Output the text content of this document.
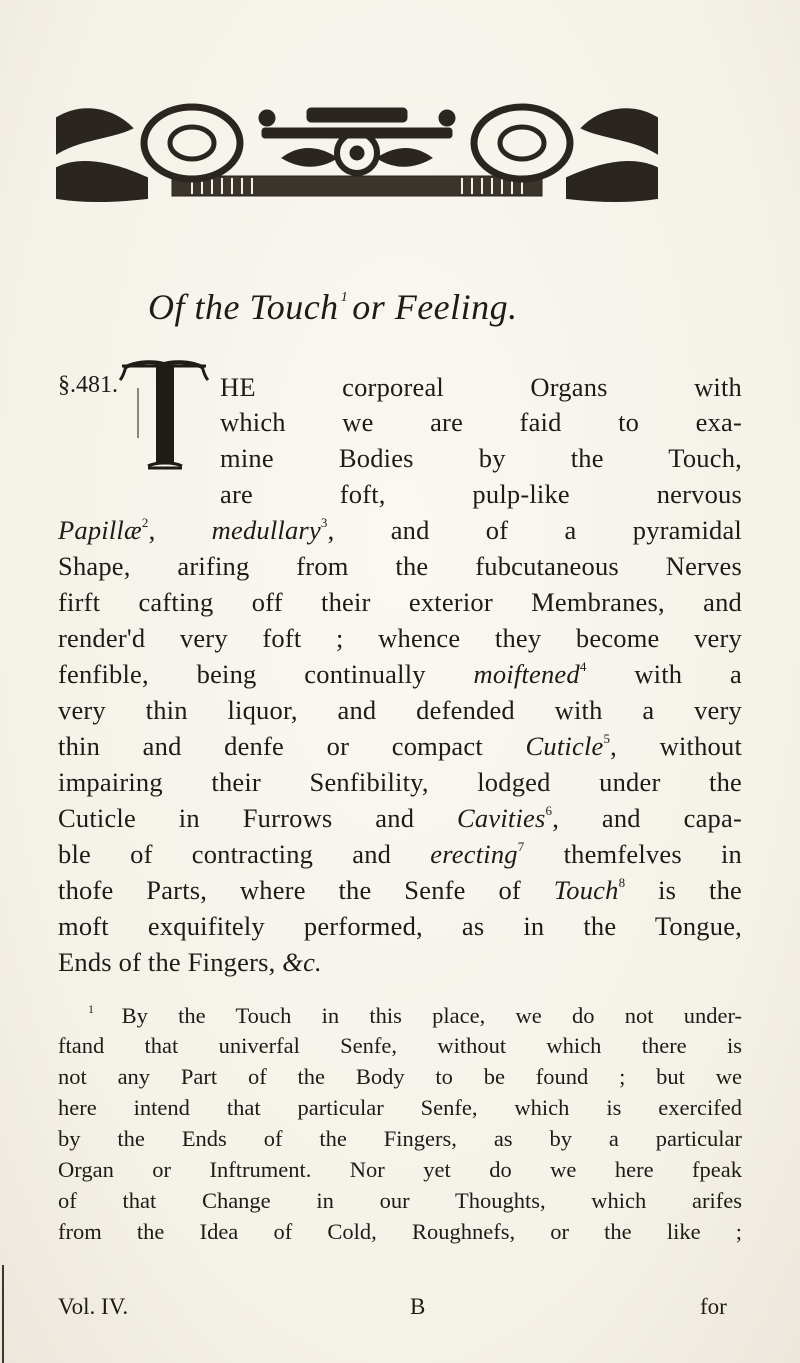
Of the Touch $^1$ or Feeling.
§.481.
T
HE corporeal Organs with
which we are faid to exa-
mine Bodies by the Touch,
are foft, pulp-like nervous
Papillæ$^2$, medullary$^3$, and of a pyramidal
Shape, arifing from the fubcutaneous Nerves
firft cafting off their exterior Membranes, and
render'd very foft ; whence they become very
fenfible, being continually moiftened$^4$ with a
very thin liquor, and defended with a very
thin and denfe or compact Cuticle$^5$, without
impairing their Senfibility, lodged under the
Cuticle in Furrows and Cavities$^6$, and capa-
ble of contracting and erecting$^7$ themfelves in
thofe Parts, where the Senfe of Touch$^8$ is the
moft exquifitely performed, as in the Tongue,
Ends of the Fingers, &c.
$^1$ By the Touch in this place, we do not under-
ftand that univerfal Senfe, without which there is
not any Part of the Body to be found ; but we
here intend that particular Senfe, which is exercifed
by the Ends of the Fingers, as by a particular
Organ or Inftrument. Nor yet do we here fpeak
of that Change in our Thoughts, which arifes
from the Idea of Cold, Roughnefs, or the like ;
Vol. IV.	B	for
